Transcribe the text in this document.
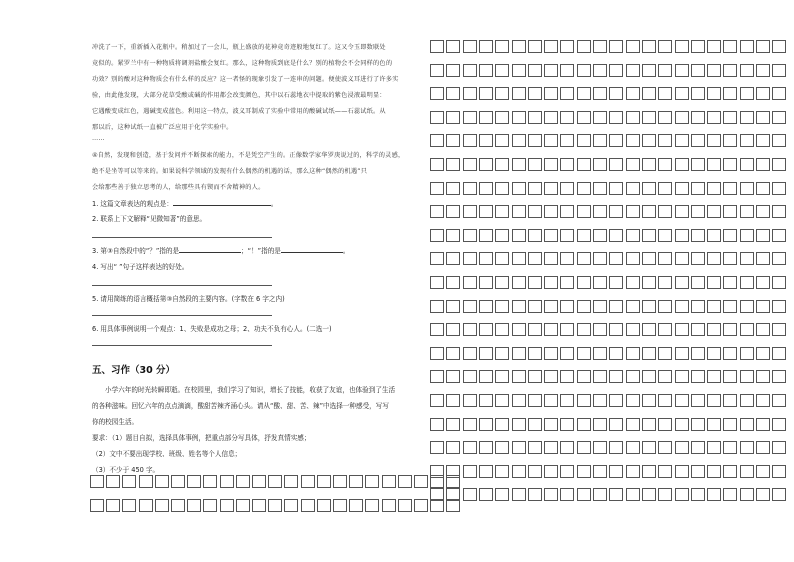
冲洗了一下，重新插入花瓶中。稍加过了一会儿，瓶上盛放的花神竟奇迹般地复红了。这又令玉即数联处
竟似的。紧罗兰中有一种物质将调剂盐酸会复红。那么，这种物质到底是什么？别的植物会不会同样的色的
功效？别的酸对这种物质会有什么样的反应？这一者怪的现象引发了一连串的问题。便使波义耳进行了许多实
验，由此他发现，大部分花草受酸或碱的作用都会改变颜色，其中以石蕊地衣中提取的紫色浸液最明显：
它遇酸变成红色，遇碱变成蓝色。利用这一特点，波义耳制成了实验中常用的酸碱试纸——石蕊试纸。从
那以后，这种试纸一直被广泛应用于化学实验中。
……
④自然，发现和创造，基于发问并不断探索的能力，不是凭空产生的。正像数学家华罗庚说过的，科学的灵感，
绝不是坐等可以等来的。如果说科学领域的发现有什么偶然的机遇的话，那么这种“偶然的机遇”只
会给那些善于独立思考的人，给那些具有锲而不舍精神的人。
1. 这篇文章表达的观点是：	。
2. 联系上下文解释“见微知著”的意思。
3. 第③自然段中的“？”指的是	；“！”指的是	。
4. 写出“ ”句子这样表达的好处。
5. 请用简练的语言概括第③自然段的主要内容。(字数在 6 字之内)
6. 用具体事例说明一个观点：1、失败是成功之母；2、功夫不负有心人。(二选一)
五、习作（30 分）
小学六年的时光转瞬即逝。在校园里，我们学习了知识，增长了技能，收获了友谊，也体验到了生活
的各种滋味。回忆六年的点点滴滴，酸甜苦辣齐涌心头。请从“酸、甜、苦、辣”中选择一种感受，写写
你的校园生活。
要求：（1）题目自拟，选择具体事例，把重点部分写具体，抒发真情实感；
（2）文中不要出现学校、班级、姓名等个人信息；
（3）不少于 450 字。
